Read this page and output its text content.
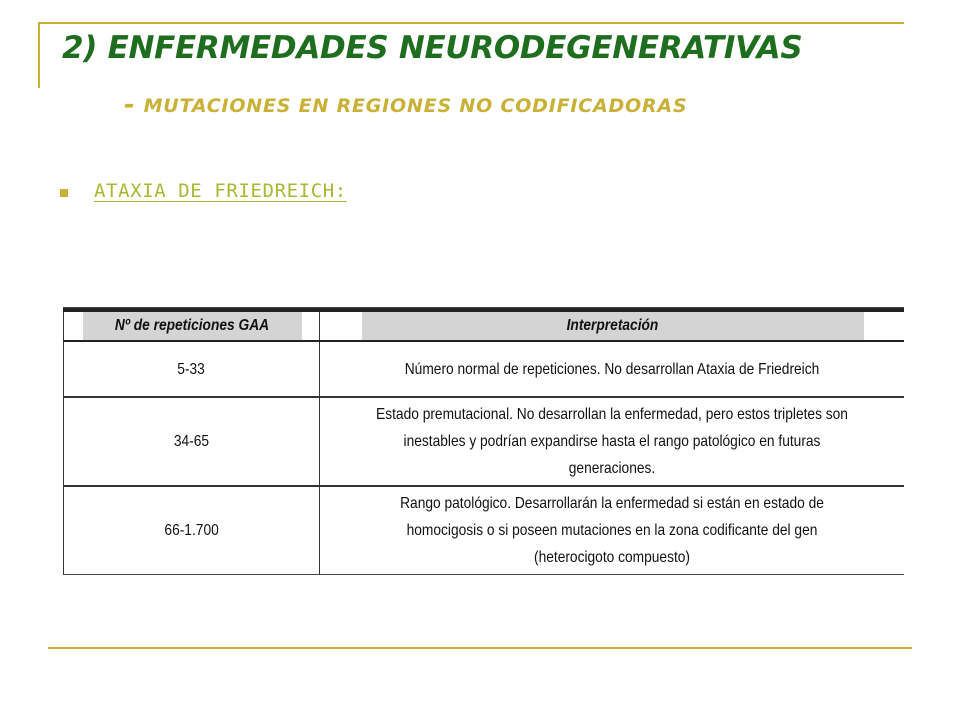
2) ENFERMEDADES NEURODEGENERATIVAS
- MUTACIONES EN REGIONES NO CODIFICADORAS
ATAXIA DE FRIEDREICH:
Nº de repeticiones GAA	Interpretación
5-33	Número normal de repeticiones. No desarrollan Ataxia de Friedreich
34-65	Estado premutacional. No desarrollan la enfermedad, pero estos tripletes son inestables y podrían expandirse hasta el rango patológico en futuras generaciones.
66-1.700	Rango patológico. Desarrollarán la enfermedad si están en estado de homocigosis o si poseen mutaciones en la zona codificante del gen (heterocigoto compuesto)
